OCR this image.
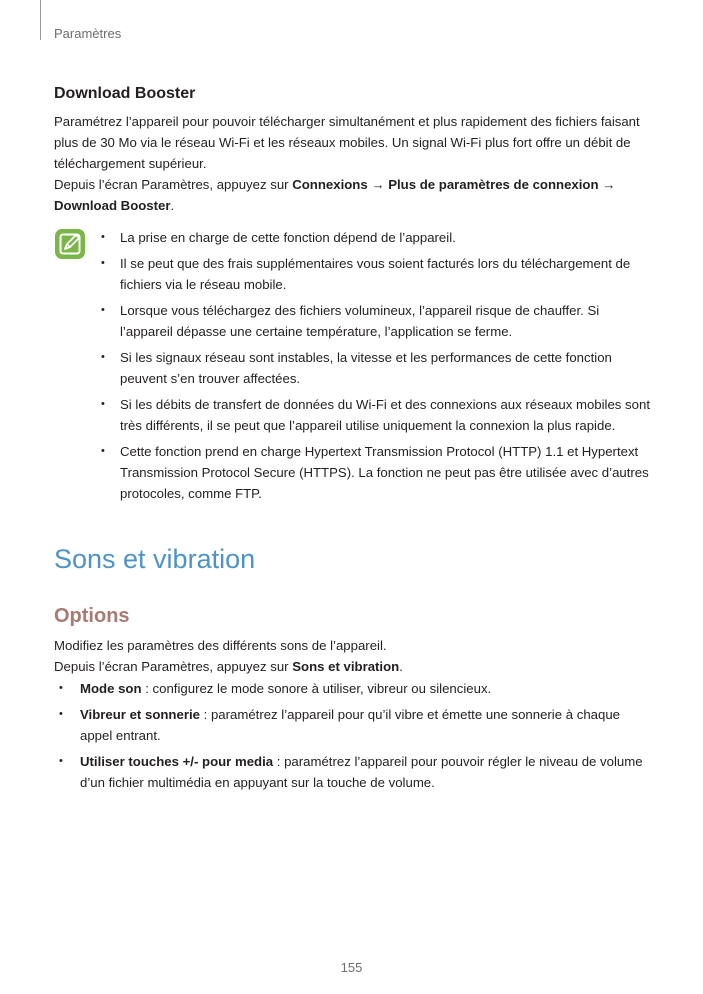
Paramètres
Download Booster

Paramétrez l’appareil pour pouvoir télécharger simultanément et plus rapidement des fichiers faisant plus de 30 Mo via le réseau Wi-Fi et les réseaux mobiles. Un signal Wi-Fi plus fort offre un débit de téléchargement supérieur.

Depuis l’écran Paramètres, appuyez sur Connexions → Plus de paramètres de connexion → Download Booster.

• La prise en charge de cette fonction dépend de l’appareil.
• Il se peut que des frais supplémentaires vous soient facturés lors du téléchargement de fichiers via le réseau mobile.
• Lorsque vous téléchargez des fichiers volumineux, l’appareil risque de chauffer. Si l’appareil dépasse une certaine température, l’application se ferme.
• Si les signaux réseau sont instables, la vitesse et les performances de cette fonction peuvent s’en trouver affectées.
• Si les débits de transfert de données du Wi-Fi et des connexions aux réseaux mobiles sont très différents, il se peut que l’appareil utilise uniquement la connexion la plus rapide.
• Cette fonction prend en charge Hypertext Transmission Protocol (HTTP) 1.1 et Hypertext Transmission Protocol Secure (HTTPS). La fonction ne peut pas être utilisée avec d’autres protocoles, comme FTP.
Sons et vibration
Options

Modifiez les paramètres des différents sons de l’appareil.

Depuis l’écran Paramètres, appuyez sur Sons et vibration.

• Mode son : configurez le mode sonore à utiliser, vibreur ou silencieux.
• Vibreur et sonnerie : paramétrez l’appareil pour qu’il vibre et émette une sonnerie à chaque appel entrant.
• Utiliser touches +/- pour media : paramétrez l’appareil pour pouvoir régler le niveau de volume d’un fichier multimédia en appuyant sur la touche de volume.
155
